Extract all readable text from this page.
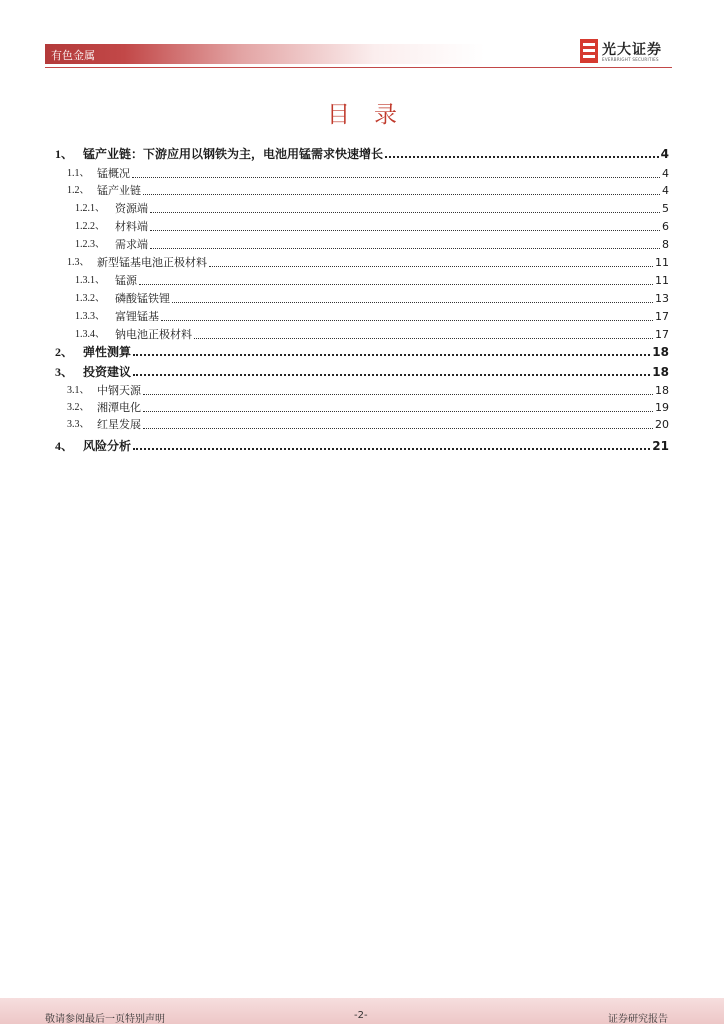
有色金属	光大证券
EVERBRIGHT SECURITIES
目录
1、 锰产业链：下游应用以钢铁为主，电池用锰需求快速增长	4
1.1、 锰概况	4
1.2、 锰产业链	4
1.2.1、 资源端	5
1.2.2、 材料端	6
1.2.3、 需求端	8
1.3、 新型锰基电池正极材料	11
1.3.1、 锰源	11
1.3.2、 磷酸锰铁锂	13
1.3.3、 富锂锰基	17
1.3.4、 钠电池正极材料	17
2、 弹性测算	18
3、 投资建议	18
3.1、 中钢天源	18
3.2、 湘潭电化	19
3.3、 红星发展	20
4、 风险分析	21
敬请参阅最后一页特别声明	-2-	证券研究报告
